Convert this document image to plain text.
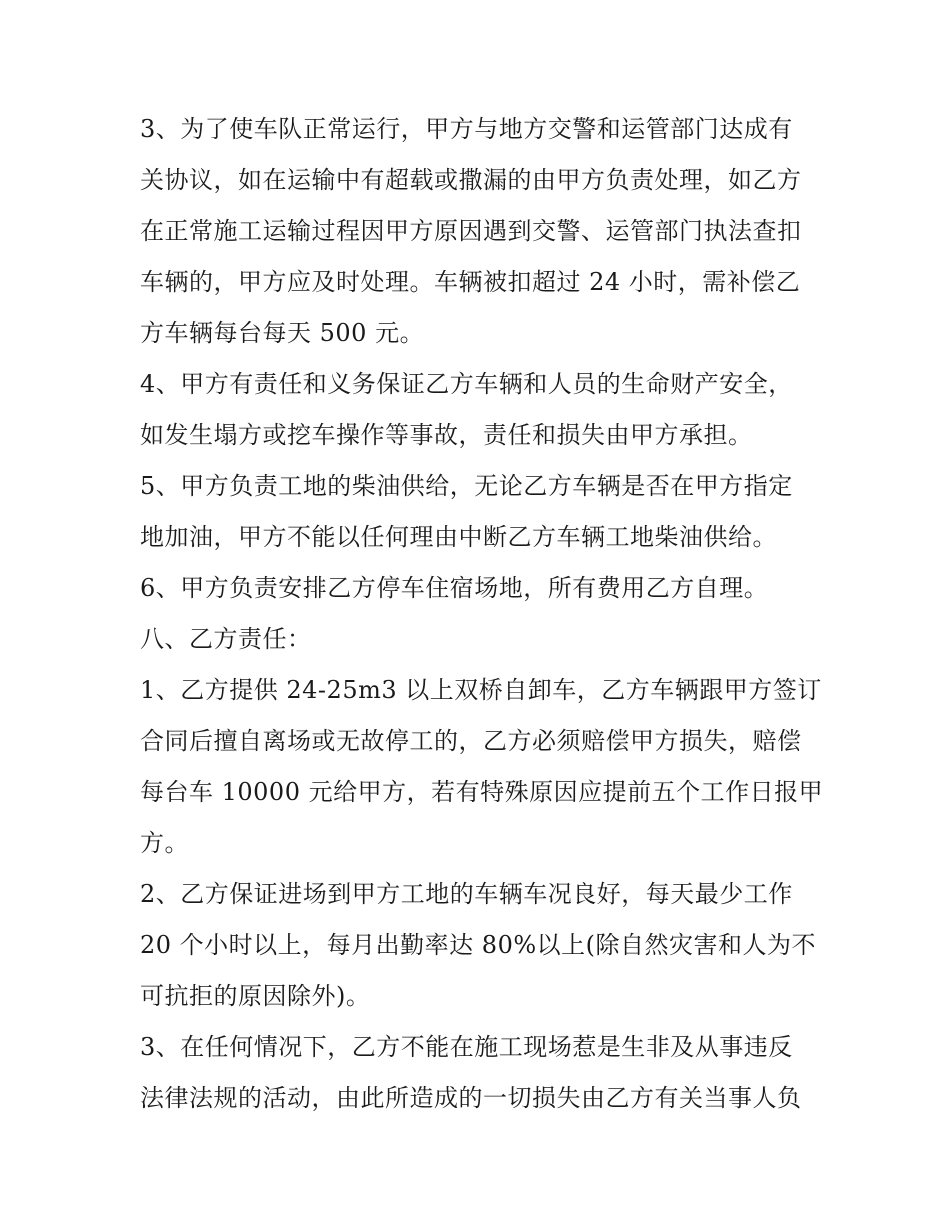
3、为了使车队正常运行，甲方与地方交警和运管部门达成有
关协议，如在运输中有超载或撒漏的由甲方负责处理，如乙方
在正常施工运输过程因甲方原因遇到交警、运管部门执法查扣
车辆的，甲方应及时处理。车辆被扣超过 24 小时，需补偿乙
方车辆每台每天 500 元。
4、甲方有责任和义务保证乙方车辆和人员的生命财产安全，
如发生塌方或挖车操作等事故，责任和损失由甲方承担。
5、甲方负责工地的柴油供给，无论乙方车辆是否在甲方指定
地加油，甲方不能以任何理由中断乙方车辆工地柴油供给。
6、甲方负责安排乙方停车住宿场地，所有费用乙方自理。
八、乙方责任：
1、乙方提供 24-25m3 以上双桥自卸车，乙方车辆跟甲方签订
合同后擅自离场或无故停工的，乙方必须赔偿甲方损失，赔偿
每台车 10000 元给甲方，若有特殊原因应提前五个工作日报甲
方。
2、乙方保证进场到甲方工地的车辆车况良好，每天最少工作
20 个小时以上，每月出勤率达 80%以上(除自然灾害和人为不
可抗拒的原因除外)。
3、在任何情况下，乙方不能在施工现场惹是生非及从事违反
法律法规的活动，由此所造成的一切损失由乙方有关当事人负
